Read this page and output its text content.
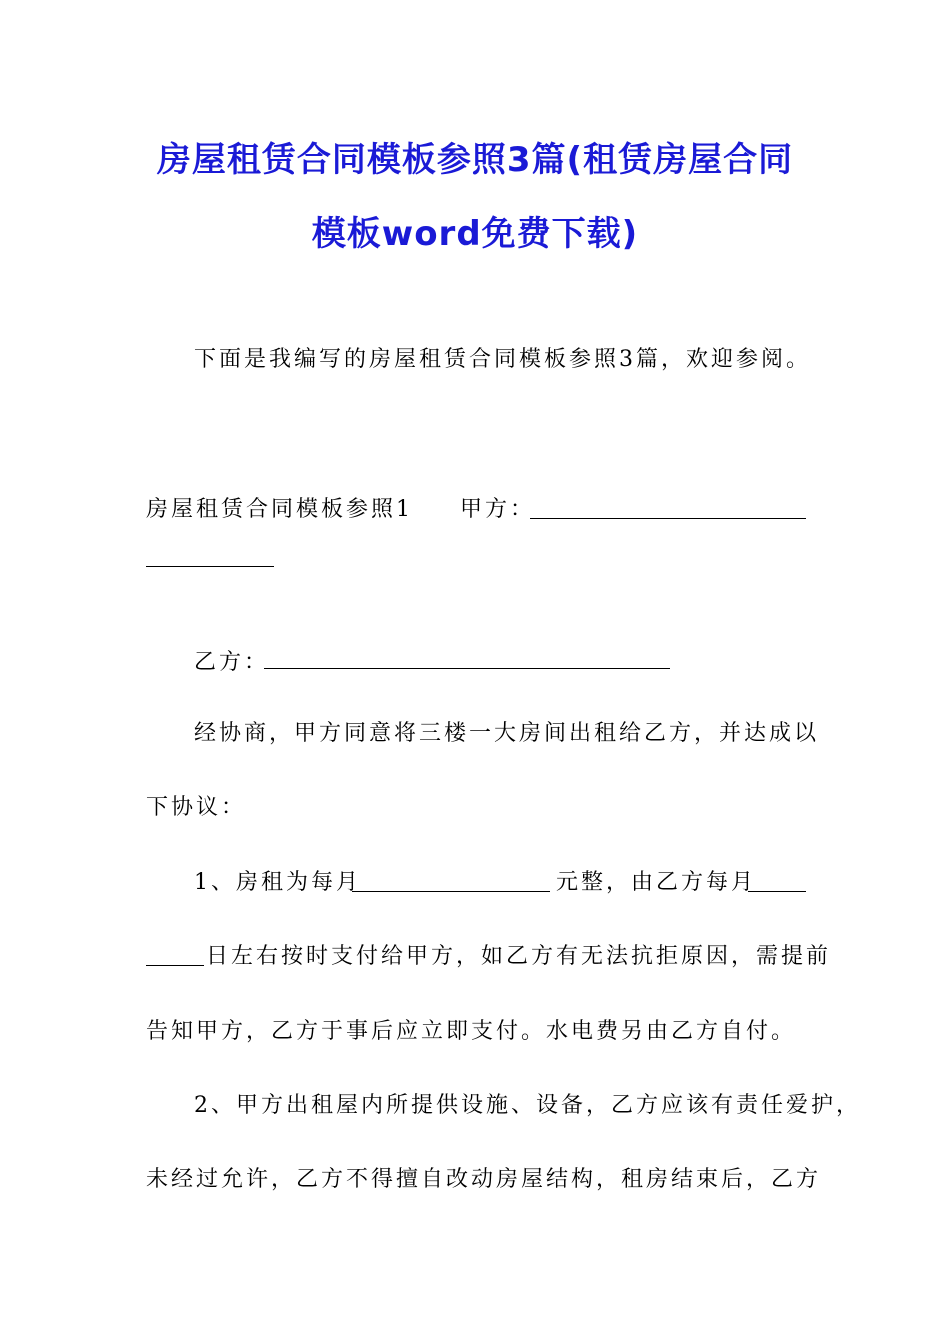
房屋租赁合同模板参照3篇(租赁房屋合同
模板word免费下载)
下面是我编写的房屋租赁合同模板参照3篇，欢迎参阅。
房屋租赁合同模板参照1 甲方：
乙方：
经协商，甲方同意将三楼一大房间出租给乙方，并达成以
下协议：
1、房租为每月	元整，由乙方每月
日左右按时支付给甲方，如乙方有无法抗拒原因，需提前
告知甲方，乙方于事后应立即支付。水电费另由乙方自付。
2、甲方出租屋内所提供设施、设备，乙方应该有责任爱护，
未经过允许，乙方不得擅自改动房屋结构，租房结束后，乙方
